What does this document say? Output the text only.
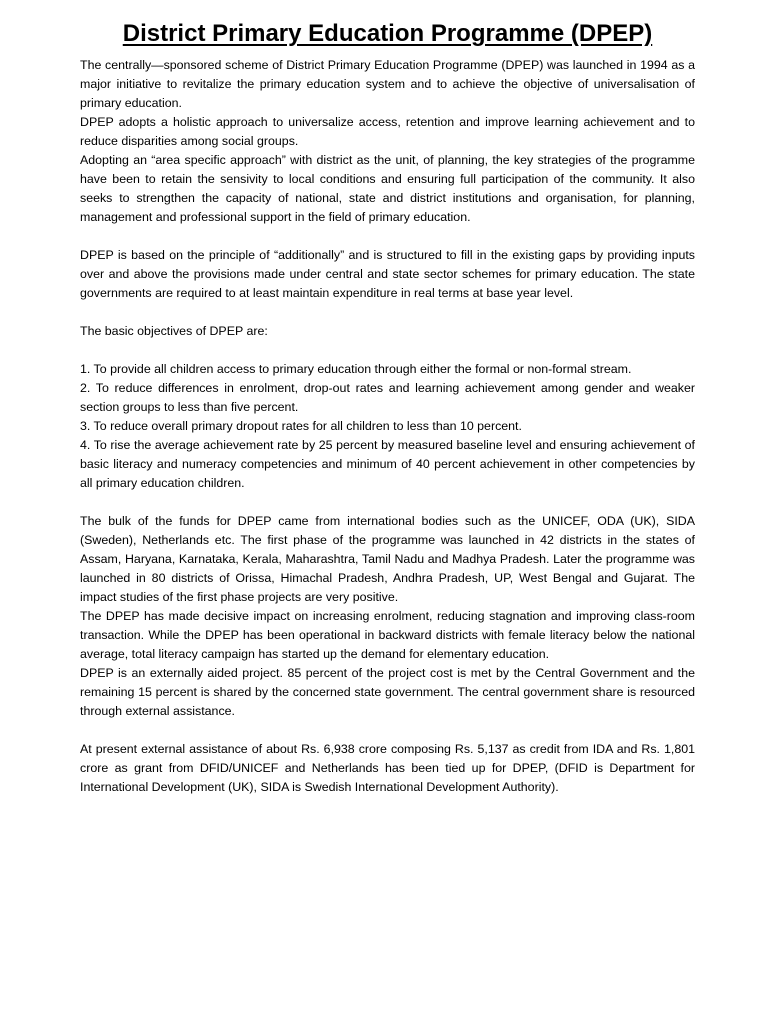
District Primary Education Programme (DPEP)

The centrally—sponsored scheme of District Primary Education Programme (DPEP) was launched in 1994 as a major initiative to revitalize the primary education system and to achieve the objective of universalisation of primary education.

DPEP adopts a holistic approach to universalize access, retention and improve learning achievement and to reduce disparities among social groups.

Adopting an “area specific approach” with district as the unit, of planning, the key strategies of the programme have been to retain the sensivity to local conditions and ensuring full participation of the community. It also seeks to strengthen the capacity of national, state and district institutions and organisation, for planning, management and professional support in the field of primary education.

DPEP is based on the principle of “additionally” and is structured to fill in the existing gaps by providing inputs over and above the provisions made under central and state sector schemes for primary education. The state governments are required to at least maintain expenditure in real terms at base year level.

The basic objectives of DPEP are:

1. To provide all children access to primary education through either the formal or non-formal stream.

2. To reduce differences in enrolment, drop-out rates and learning achievement among gender and weaker section groups to less than five percent.

3. To reduce overall primary dropout rates for all children to less than 10 percent.

4. To rise the average achievement rate by 25 percent by measured baseline level and ensuring achievement of basic literacy and numeracy competencies and minimum of 40 percent achievement in other competencies by all primary education children.

The bulk of the funds for DPEP came from international bodies such as the UNICEF, ODA (UK), SIDA (Sweden), Netherlands etc. The first phase of the programme was launched in 42 districts in the states of Assam, Haryana, Karnataka, Kerala, Maharashtra, Tamil Nadu and Madhya Pradesh. Later the programme was launched in 80 districts of Orissa, Himachal Pradesh, Andhra Pradesh, UP, West Bengal and Gujarat. The impact studies of the first phase projects are very positive.

The DPEP has made decisive impact on increasing enrolment, reducing stagnation and improving class-room transaction. While the DPEP has been operational in backward districts with female literacy below the national average, total literacy campaign has started up the demand for elementary education.

DPEP is an externally aided project. 85 percent of the project cost is met by the Central Government and the remaining 15 percent is shared by the concerned state government. The central government share is resourced through external assistance.

At present external assistance of about Rs. 6,938 crore composing Rs. 5,137 as credit from IDA and Rs. 1,801 crore as grant from DFID/UNICEF and Netherlands has been tied up for DPEP, (DFID is Department for International Development (UK), SIDA is Swedish International Development Authority).
